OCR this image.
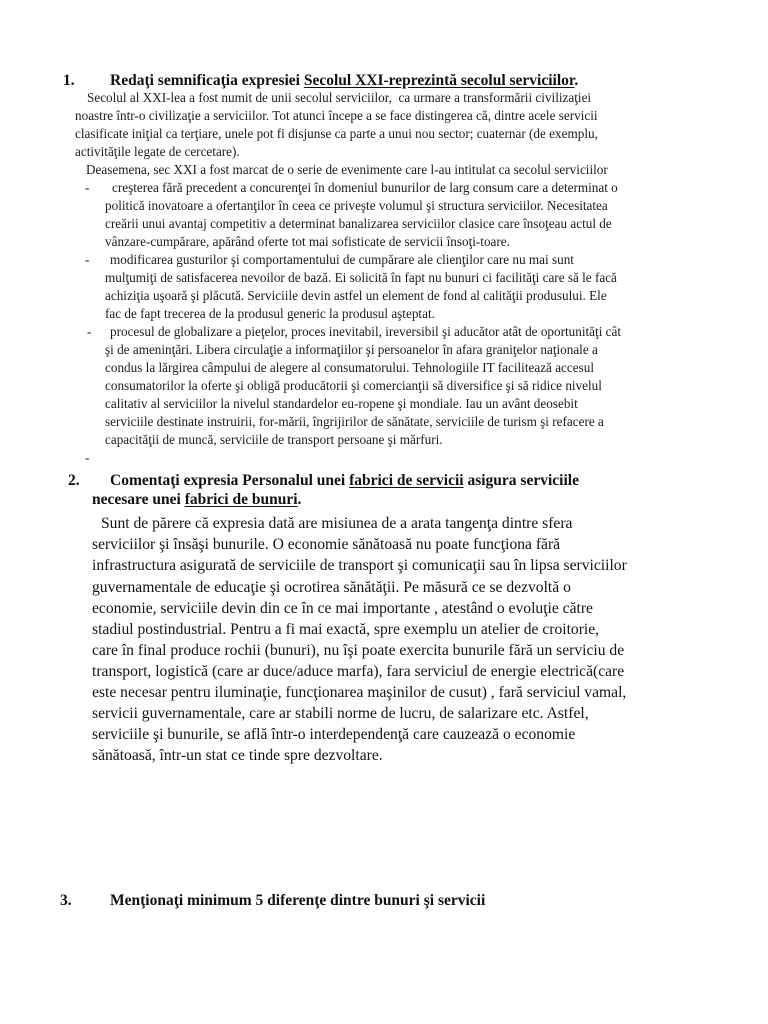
1. Redaţi semnificaţia expresiei Secolul XXI-reprezintă secolul serviciilor.
Secolul al XXI-lea a fost numit de unii secolul serviciilor,  ca urmare a transformării civilizaţiei
noastre într-o civilizaţie a serviciilor. Tot atunci începe a se face distingerea că, dintre acele servicii
clasificate iniţial ca terţiare, unele pot fi disjunse ca parte a unui nou sector; cuaternar (de exemplu,
activităţile legate de cercetare).
Deasemena, sec XXI a fost marcat de o serie de evenimente care l-au intitulat ca secolul serviciilor
- creşterea fără precedent a concurenţei în domeniul bunurilor de larg consum care a determinat o
politică inovatoare a ofertanţilor în ceea ce priveşte volumul şi structura serviciilor. Necesitatea
creării unui avantaj competitiv a determinat banalizarea serviciilor clasice care însoţeau actul de
vânzare-cumpărare, apărând oferte tot mai sofisticate de servicii însoţi-toare.
- modificarea gusturilor şi comportamentului de cumpărare ale clienţilor care nu mai sunt
mulţumiţi de satisfacerea nevoilor de bază. Ei solicită în fapt nu bunuri ci facilităţi care să le facă
achiziţia uşoară şi plăcută. Serviciile devin astfel un element de fond al calităţii produsului. Ele
fac de fapt trecerea de la produsul generic la produsul aşteptat.
- procesul de globalizare a pieţelor, proces inevitabil, ireversibil şi aducător atât de oportunităţi cât
şi de ameninţări. Libera circulaţie a informaţiilor şi persoanelor în afara graniţelor naţionale a
condus la lărgirea câmpului de alegere al consumatorului. Tehnologiile IT facilitează accesul
consumatorilor la oferte şi obligă producătorii şi comercianţii să diversifice şi să ridice nivelul
calitativ al serviciilor la nivelul standardelor eu-ropene şi mondiale. Iau un avânt deosebit
serviciile destinate instruirii, for-mării, îngrijirilor de sănătate, serviciile de turism şi refacere a
capacităţii de muncă, serviciile de transport persoane şi mărfuri.
-
2. Comentaţi expresia Personalul unei fabrici de servicii asigura serviciile
necesare unei fabrici de bunuri.
Sunt de părere că expresia dată are misiunea de a arata tangenţa dintre sfera
serviciilor şi însăşi bunurile. O economie sănătoasă nu poate funcţiona fără
infrastructura asigurată de serviciile de transport şi comunicaţii sau în lipsa serviciilor
guvernamentale de educaţie şi ocrotirea sănătăţii. Pe măsură ce se dezvoltă o
economie, serviciile devin din ce în ce mai importante , atestând o evoluţie către
stadiul postindustrial. Pentru a fi mai exactă, spre exemplu un atelier de croitorie,
care în final produce rochii (bunuri), nu îşi poate exercita bunurile fără un serviciu de
transport, logistică (care ar duce/aduce marfa), fara serviciul de energie electrică(care
este necesar pentru iluminaţie, funcţionarea maşinilor de cusut) , fară serviciul vamal,
servicii guvernamentale, care ar stabili norme de lucru, de salarizare etc. Astfel,
serviciile şi bunurile, se află într-o interdependenţă care cauzează o economie
sănătoasă, într-un stat ce tinde spre dezvoltare.
3. Menţionaţi minimum 5 diferenţe dintre bunuri şi servicii
